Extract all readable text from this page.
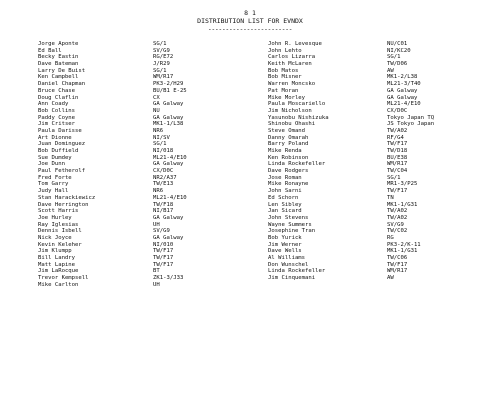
8 1
DISTRIBUTION LIST FOR EVNDX
------------------------
Jorge Aponte	SG/1
Ed Ball	SV/G9
Becky Eastin	RG/E72
Dave Bateman	J/R29
Larry De Buist	SG/1
Ken Campbell	WM/R17
Daniel Chapman	PK3-2/H29
Bruce Chase	BU/B1 E-25
Doug Claflin	CX
Ann Coady	GA Galway
Bob Collins	NU
Paddy Coyne	GA Galway
Jim Critser	MK1-1/L38
Paula Darisse	NR6
Art Dionne	NI/SV
Juan Dominguez	SG/1
Bob Duffield	NI/018
Sue Dumdey	ML21-4/E10
Joe Dunn	GA Galway
Paul Fetherolf	CX/D0C
Fred Forte	NR2/A37
Tom Garry	TW/E13
Judy Hall	NR6
Stan Harackiewicz	ML21-4/E10
Dave Herrington	TW/F18
Scott Harris	NI/B17
Joe Hurley	GA Galway
Ray Iglesias	UH
Dennis Isbell	SV/G9
Nick Joyce	GA Galway
Kevin Keleher	NI/010
Jim Klumpp	TW/F17
Bill Landry	TW/F17
Matt Lapine	TW/F17
Jim LaRocque	BT
Trevor Kempsell	ZK1-3/J33
Mike Carlton	UH
John R. Levesque	NU/C01
John Lehto	NI/KC20
Carlos Lizarra	SG/1
Keith McLaren	TW/D06
Bob Matos	AW
Bob Misner	MK1-2/L38
Warren Moncsko	ML21-3/T40
Pat Moran	GA Galway
Mike Morley	GA Galway
Paula Moscariello	ML21-4/E10
Jim Nicholson	CX/D0C
Yasunobu Nishizuka	Tokyo Japan TQ
Shinobu Ohashi	JS Tokyo Japan
Steve Omand	TW/A02
Danny Omarah	RF/G4
Barry Poland	TW/F17
Mike Renda	TW/D18
Ken Robinson	BU/E38
Linda Rockefeller	WM/R17
Dave Rodgers	TW/C04
Jose Roman	SG/1
Mike Ronayne	MR1-3/P25
John Sarni	TW/F17
Ed Schorn	TN
Len Sibley	MK1-1/G31
Jan Sicard	TW/A02
John Stevens	TW/A02
Wayne Summers	SV/G9
Josephine Tran	TW/C02
Bob Yurick	RG
Jim Werner	PK3-2/K-11
Dave Wells	MK1-1/G31
Al Williams	TW/C06
Don Wunschel	TW/F17
Linda Rockefeller	WM/R17
Jim Cinquemani	AW
